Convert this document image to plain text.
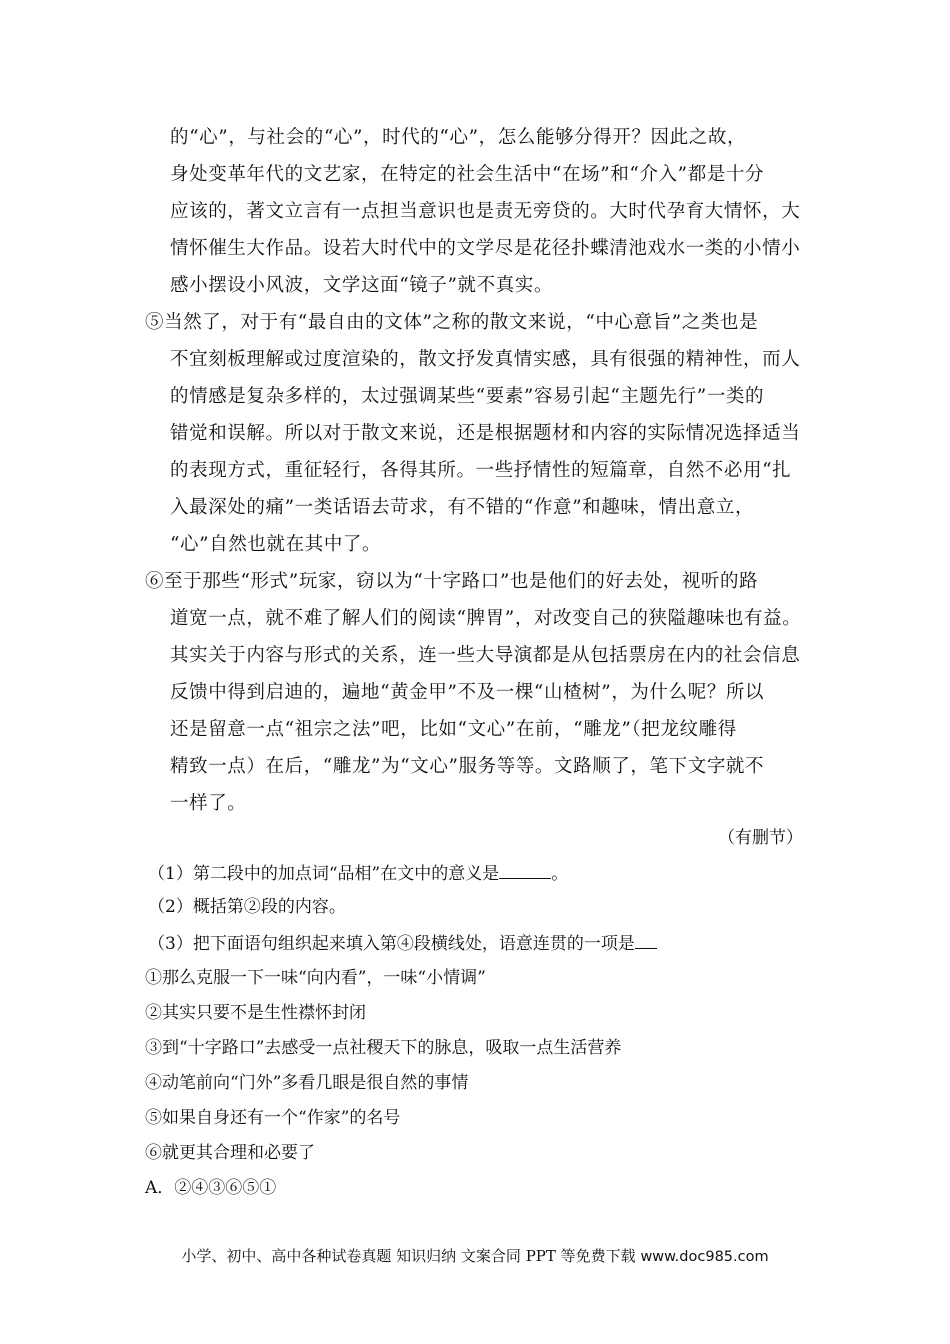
的“心”，与社会的“心”，时代的“心”，怎么能够分得开？因此之故，
身处变革年代的文艺家，在特定的社会生活中“在场”和“介入”都是十分
应该的，著文立言有一点担当意识也是责无旁贷的。大时代孕育大情怀，大
情怀催生大作品。设若大时代中的文学尽是花径扑蝶清池戏水一类的小情小
感小摆设小风波，文学这面“镜子”就不真实。
⑤当然了，对于有“最自由的文体”之称的散文来说，“中心意旨”之类也是
不宜刻板理解或过度渲染的，散文抒发真情实感，具有很强的精神性，而人
的情感是复杂多样的，太过强调某些“要素”容易引起“主题先行”一类的
错觉和误解。所以对于散文来说，还是根据题材和内容的实际情况选择适当
的表现方式，重征轻行，各得其所。一些抒情性的短篇章，自然不必用“扎
入最深处的痛”一类话语去苛求，有不错的“作意”和趣味，情出意立，
“心”自然也就在其中了。
⑥至于那些“形式”玩家，窃以为“十字路口”也是他们的好去处，视听的路
道宽一点，就不难了解人们的阅读“脾胃”，对改变自己的狭隘趣味也有益。
其实关于内容与形式的关系，连一些大导演都是从包括票房在内的社会信息
反馈中得到启迪的，遍地“黄金甲”不及一棵“山楂树”，为什么呢？所以
还是留意一点“祖宗之法”吧，比如“文心”在前，“雕龙”（把龙纹雕得
精致一点）在后，“雕龙”为“文心”服务等等。文路顺了，笔下文字就不
一样了。
（有删节）
（1）第二段中的加点词“品相”在文中的意义是	。
（2）概括第②段的内容。
（3）把下面语句组织起来填入第④段横线处，语意连贯的一项是
①那么克服一下一味“向内看”，一味“小情调”
②其实只要不是生性襟怀封闭
③到“十字路口”去感受一点社稷天下的脉息，吸取一点生活营养
④动笔前向“门外”多看几眼是很自然的事情
⑤如果自身还有一个“作家”的名号
⑥就更其合理和必要了
A．②④③⑥⑤①
小学、初中、高中各种试卷真题 知识归纳 文案合同 PPT 等免费下载 www.doc985.com
